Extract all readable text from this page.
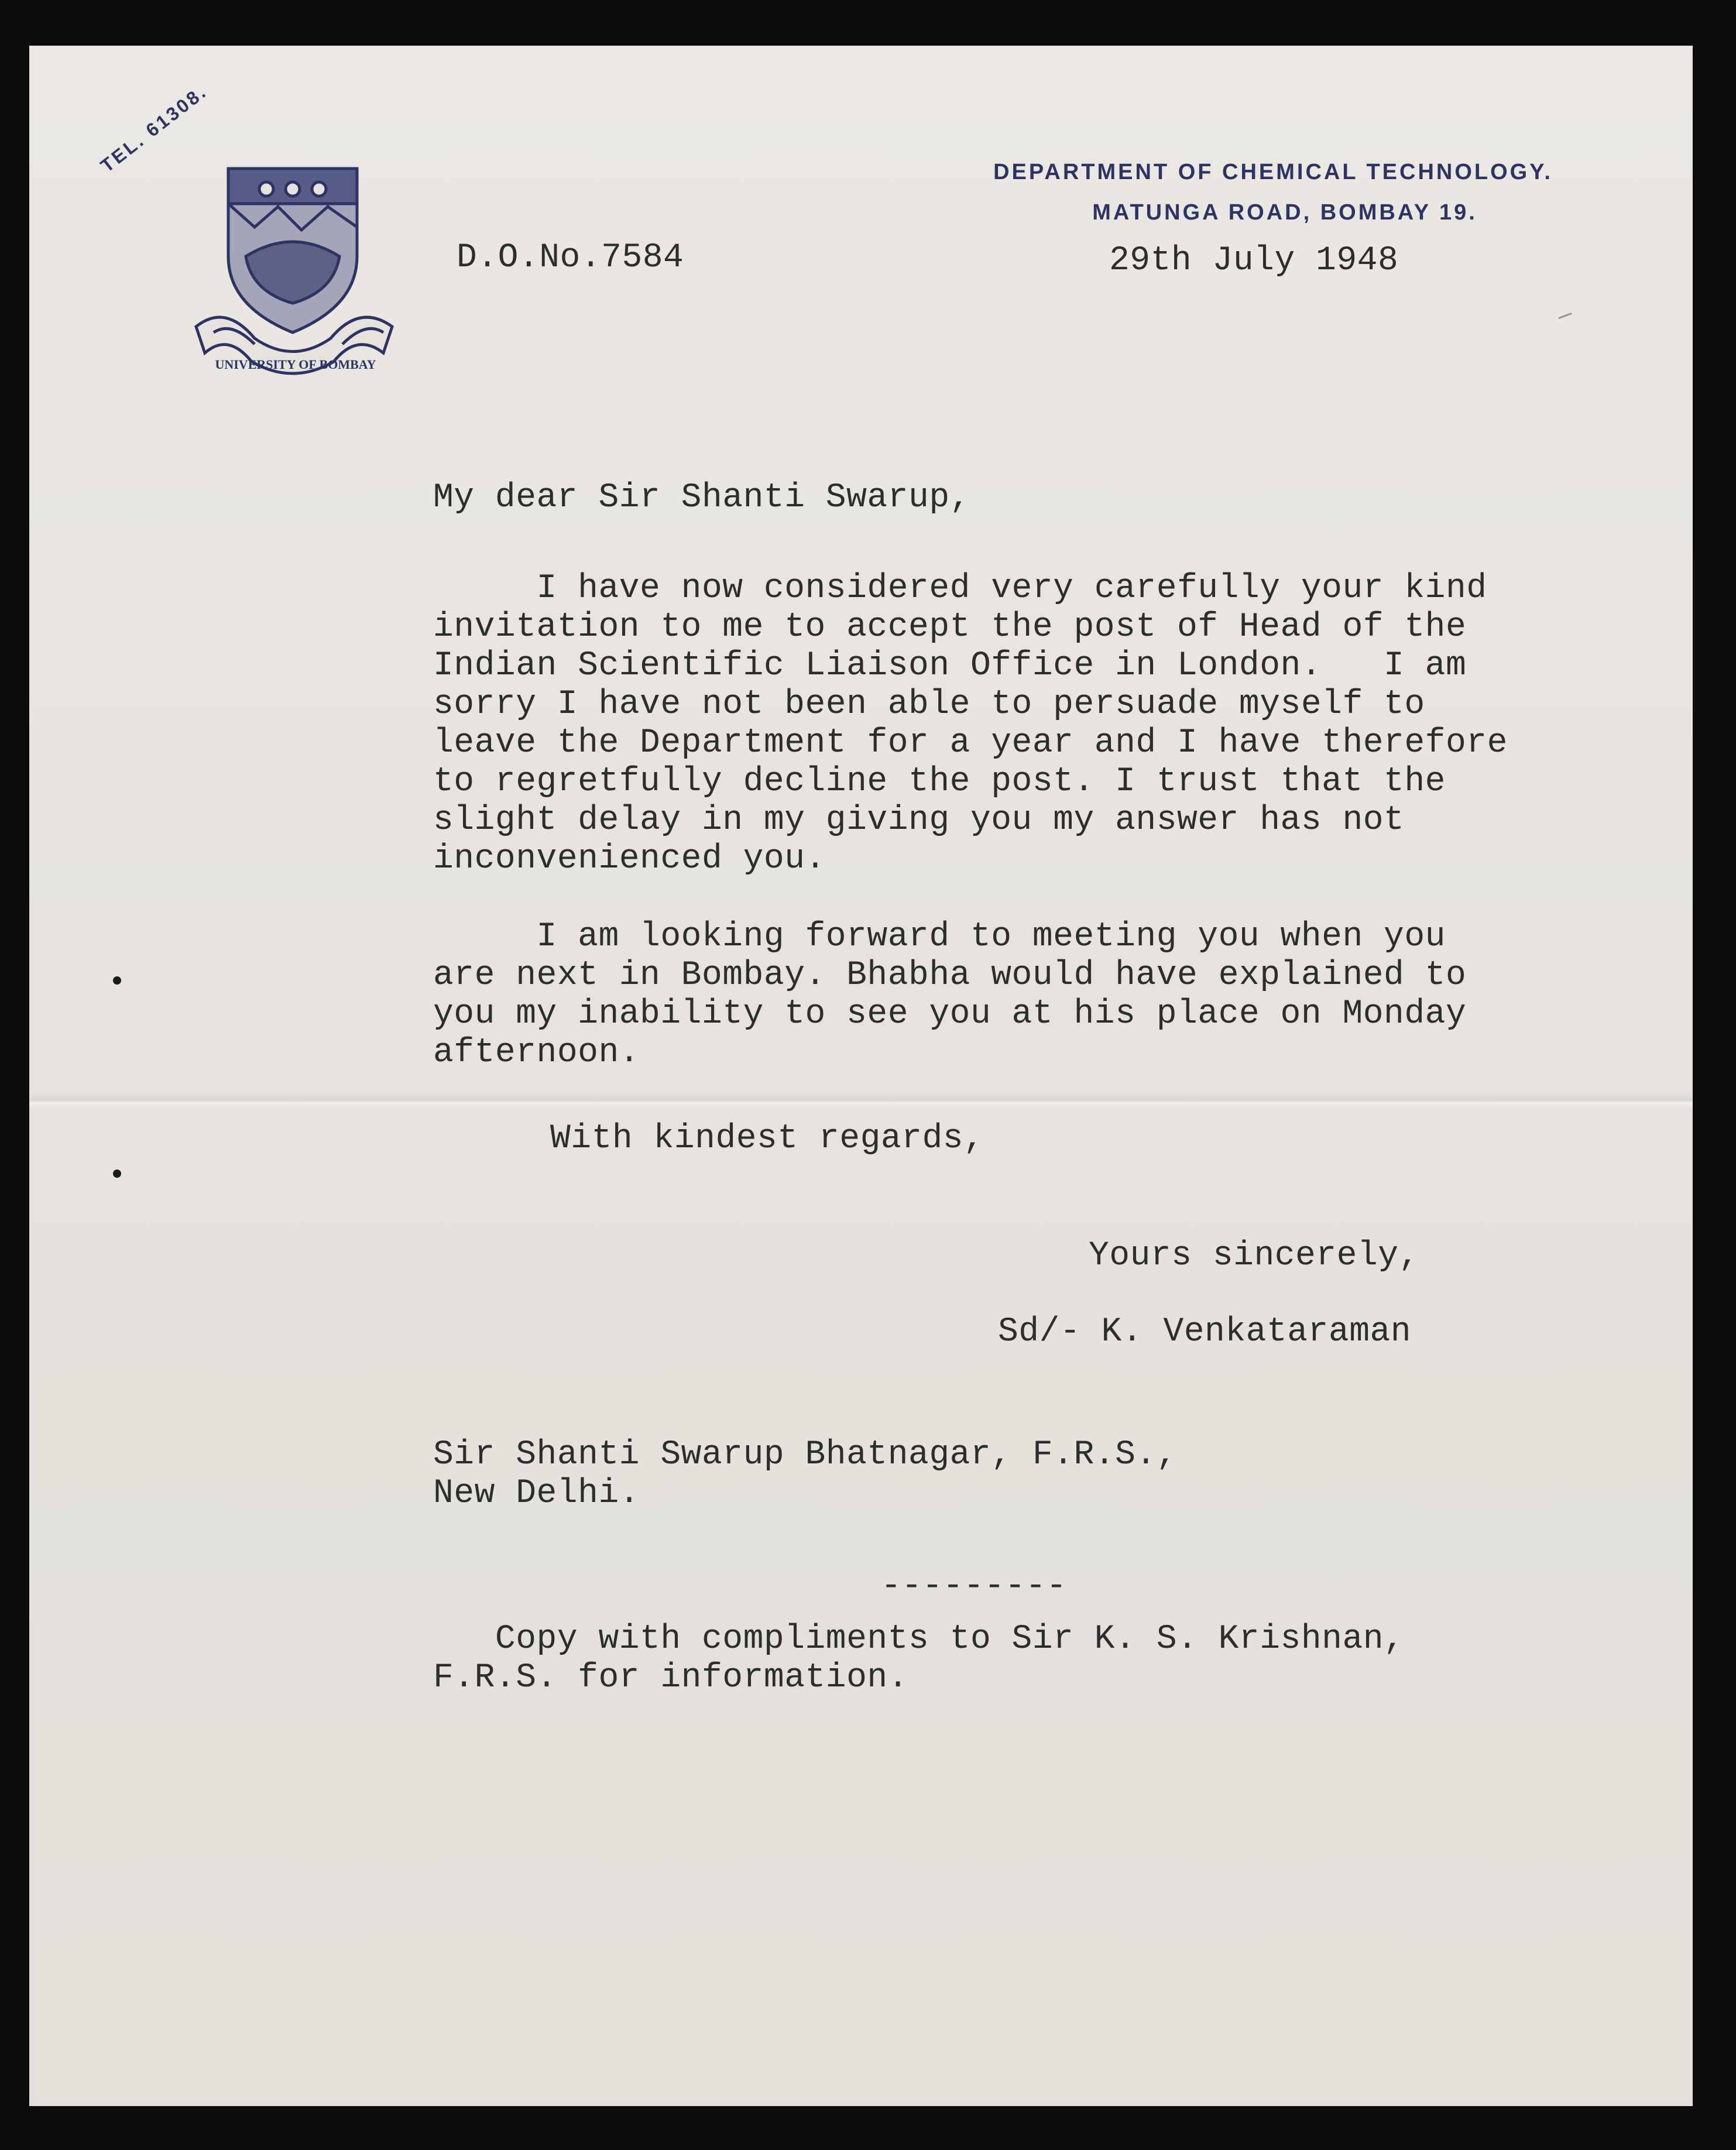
TEL. 61308.
UNIVERSITY OF BOMBAY
DEPARTMENT OF CHEMICAL TECHNOLOGY.
MATUNGA ROAD, BOMBAY 19.
D.O.No.7584	29th July 1948
My dear Sir Shanti Swarup,
I have now considered very carefully your kind
invitation to me to accept the post of Head of the
Indian Scientific Liaison Office in London.   I am
sorry I have not been able to persuade myself to
leave the Department for a year and I have therefore
to regretfully decline the post. I trust that the
slight delay in my giving you my answer has not
inconvenienced you.
I am looking forward to meeting you when you
are next in Bombay. Bhabha would have explained to
you my inability to see you at his place on Monday
afternoon.
With kindest regards,
Yours sincerely,
Sd/- K. Venkataraman
Sir Shanti Swarup Bhatnagar, F.R.S.,
New Delhi.
---------
Copy with compliments to Sir K. S. Krishnan,
F.R.S. for information.
